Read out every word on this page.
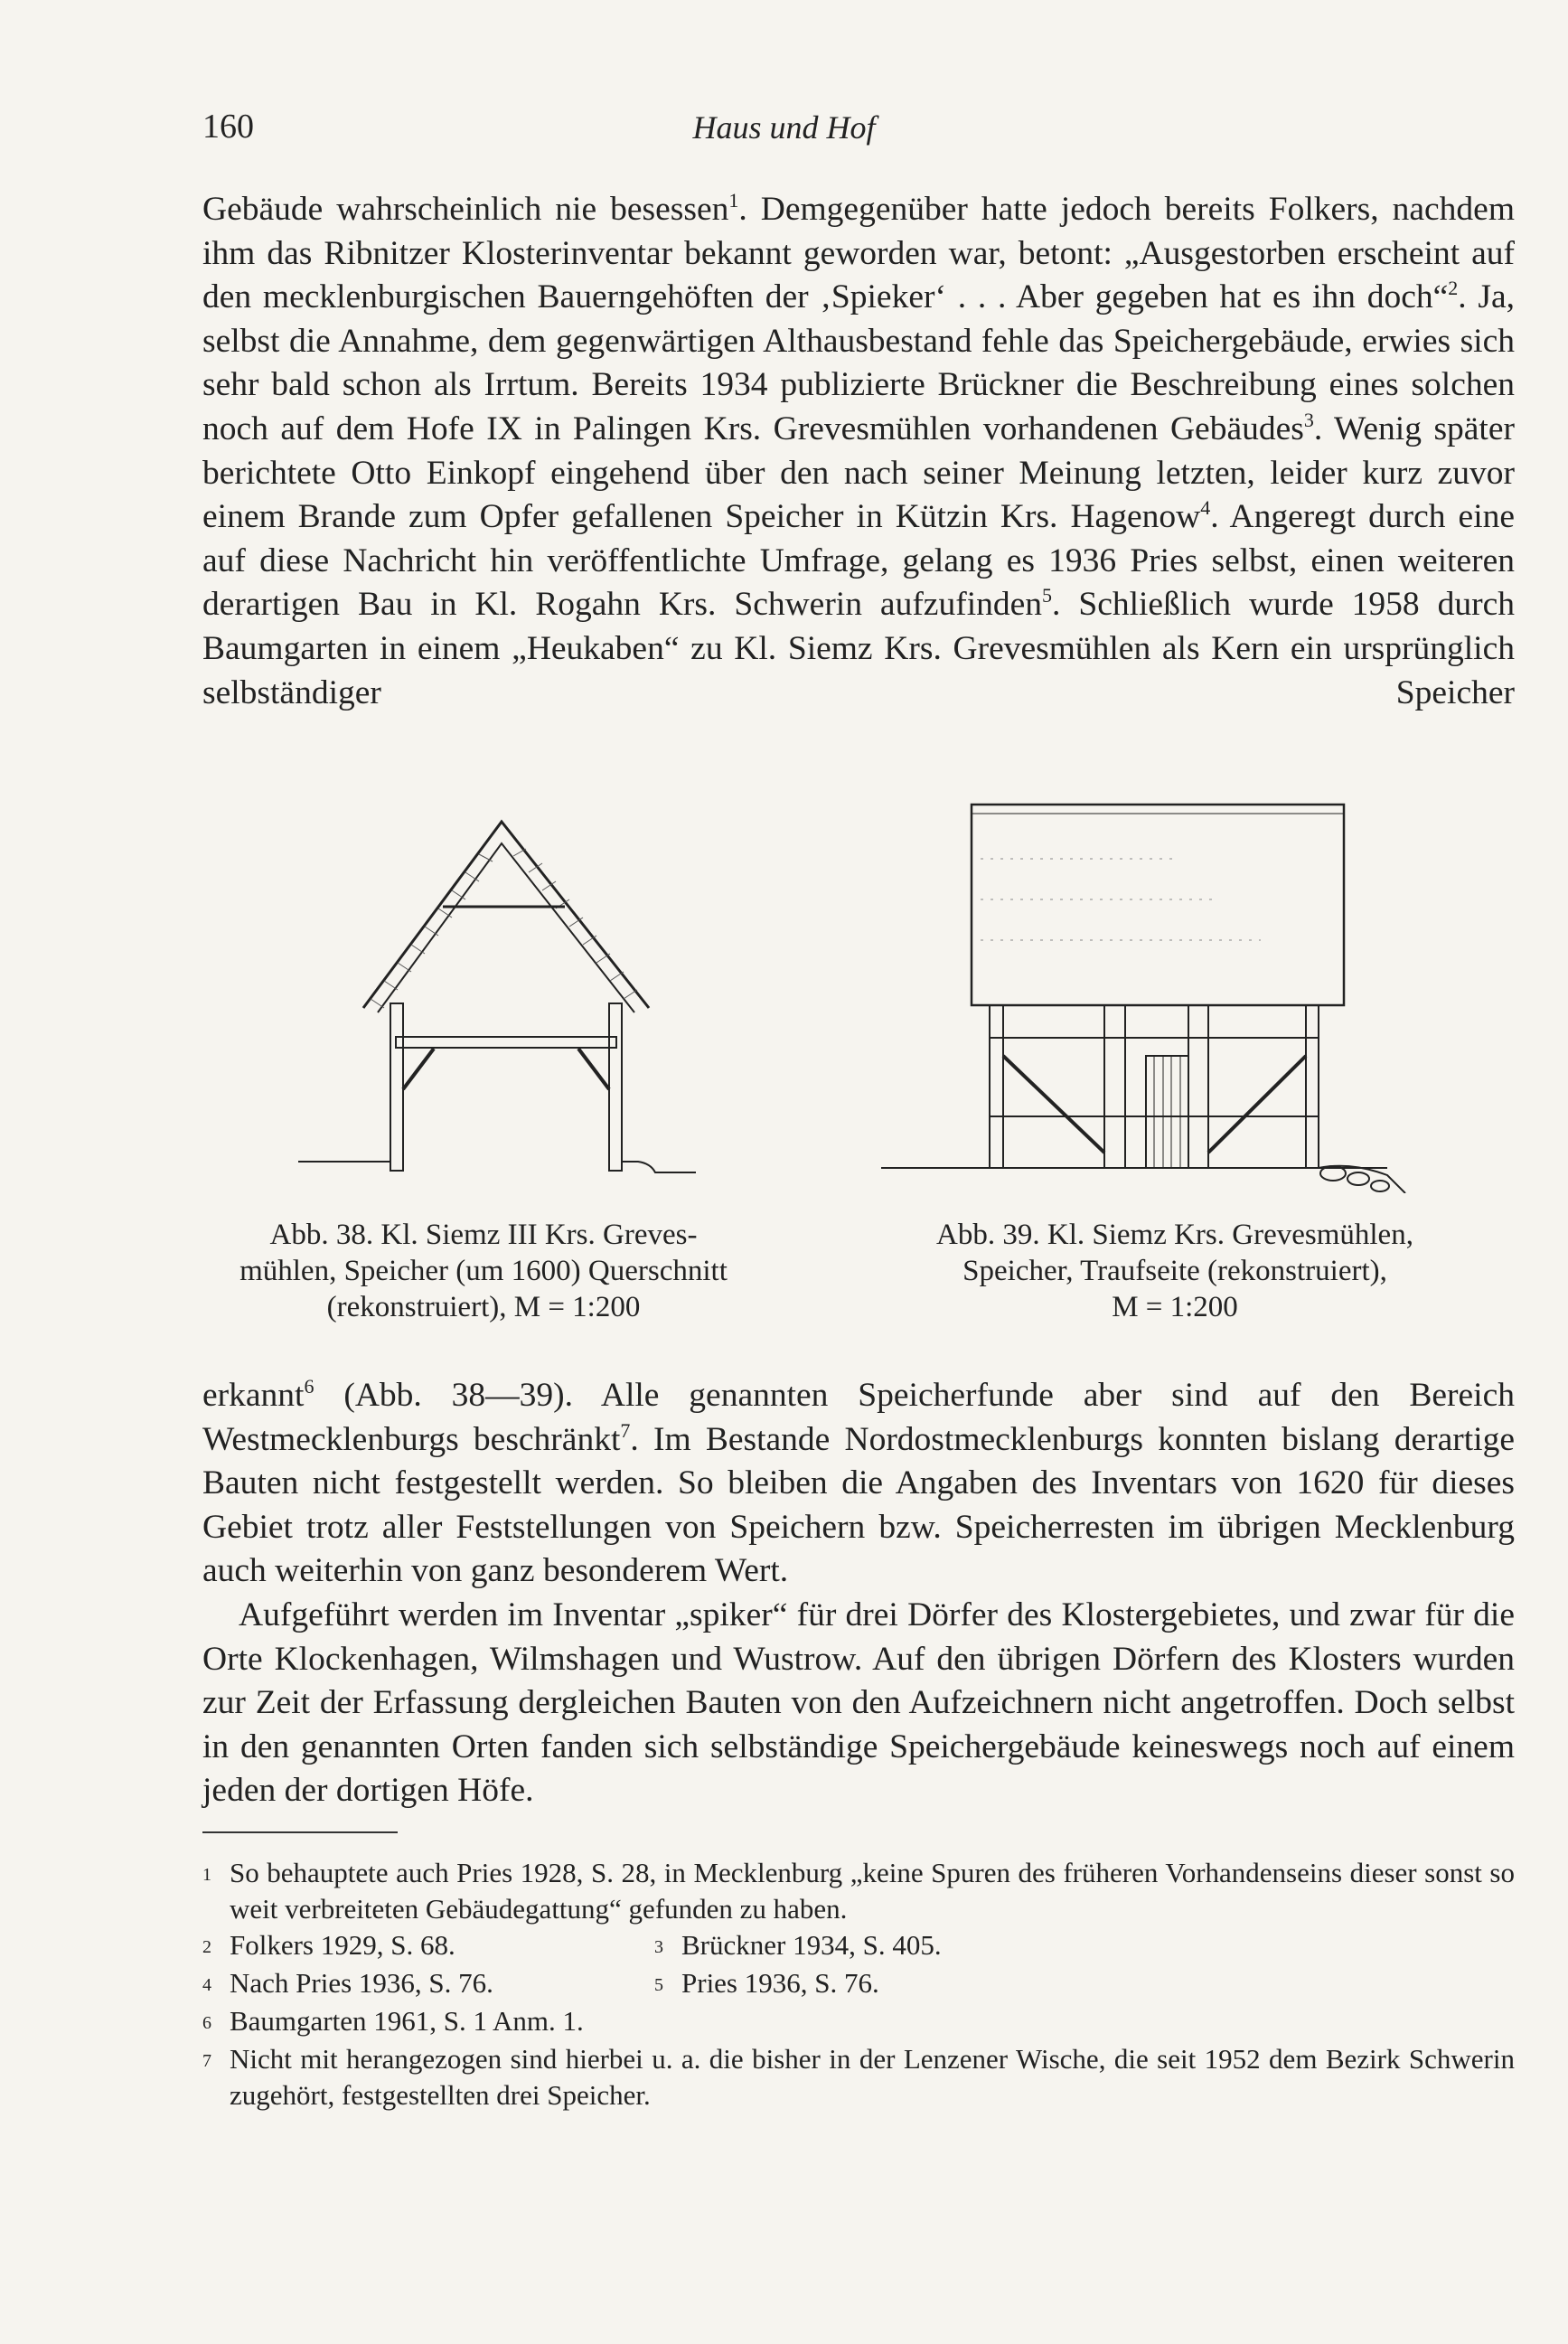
160	Haus und Hof

Gebäude wahrscheinlich nie besessen$^1$. Demgegenüber hatte jedoch bereits Folkers, nachdem ihm das Ribnitzer Klosterinventar bekannt geworden war, betont: „Ausgestorben erscheint auf den mecklenburgischen Bauerngehöften der ‚Spieker‘ . . . Aber gegeben hat es ihn doch“$^2$. Ja, selbst die Annahme, dem gegenwärtigen Althausbestand fehle das Speichergebäude, erwies sich sehr bald schon als Irrtum. Bereits 1934 publizierte Brückner die Beschreibung eines solchen noch auf dem Hofe IX in Palingen Krs. Grevesmühlen vorhandenen Gebäudes$^3$. Wenig später berichtete Otto Einkopf eingehend über den nach seiner Meinung letzten, leider kurz zuvor einem Brande zum Opfer gefallenen Speicher in Kützin Krs. Hagenow$^4$. Angeregt durch eine auf diese Nachricht hin veröffentlichte Umfrage, gelang es 1936 Pries selbst, einen weiteren derartigen Bau in Kl. Rogahn Krs. Schwerin aufzufinden$^5$. Schließlich wurde 1958 durch Baumgarten in einem „Heukaben“ zu Kl. Siemz Krs. Grevesmühlen als Kern ein ursprünglich selbständiger Speicher

Abb. 38. Kl. Siemz III Krs. Greves-
mühlen, Speicher (um 1600) Querschnitt
(rekonstruiert), M = 1:200
Abb. 39. Kl. Siemz Krs. Grevesmühlen,
Speicher, Traufseite (rekonstruiert),
M = 1:200

erkannt$^6$ (Abb. 38—39). Alle genannten Speicherfunde aber sind auf den Bereich Westmecklenburgs beschränkt$^7$. Im Bestande Nordostmecklenburgs konnten bislang derartige Bauten nicht festgestellt werden. So bleiben die Angaben des Inventars von 1620 für dieses Gebiet trotz aller Feststellungen von Speichern bzw. Speicherresten im übrigen Mecklenburg auch weiterhin von ganz besonderem Wert.

Aufgeführt werden im Inventar „spiker“ für drei Dörfer des Klostergebietes, und zwar für die Orte Klockenhagen, Wilmshagen und Wustrow. Auf den übrigen Dörfern des Klosters wurden zur Zeit der Erfassung dergleichen Bauten von den Aufzeichnern nicht angetroffen. Doch selbst in den genannten Orten fanden sich selbständige Speichergebäude keineswegs noch auf einem jeden der dortigen Höfe.

1 So behauptete auch Pries 1928, S. 28, in Mecklenburg „keine Spuren des früheren Vorhandenseins dieser sonst so weit verbreiteten Gebäudegattung“ gefunden zu haben.
2 Folkers 1929, S. 68.	3 Brückner 1934, S. 405.
4 Nach Pries 1936, S. 76.	5 Pries 1936, S. 76.
6 Baumgarten 1961, S. 1 Anm. 1.
7 Nicht mit herangezogen sind hierbei u. a. die bisher in der Lenzener Wische, die seit 1952 dem Bezirk Schwerin zugehört, festgestellten drei Speicher.
